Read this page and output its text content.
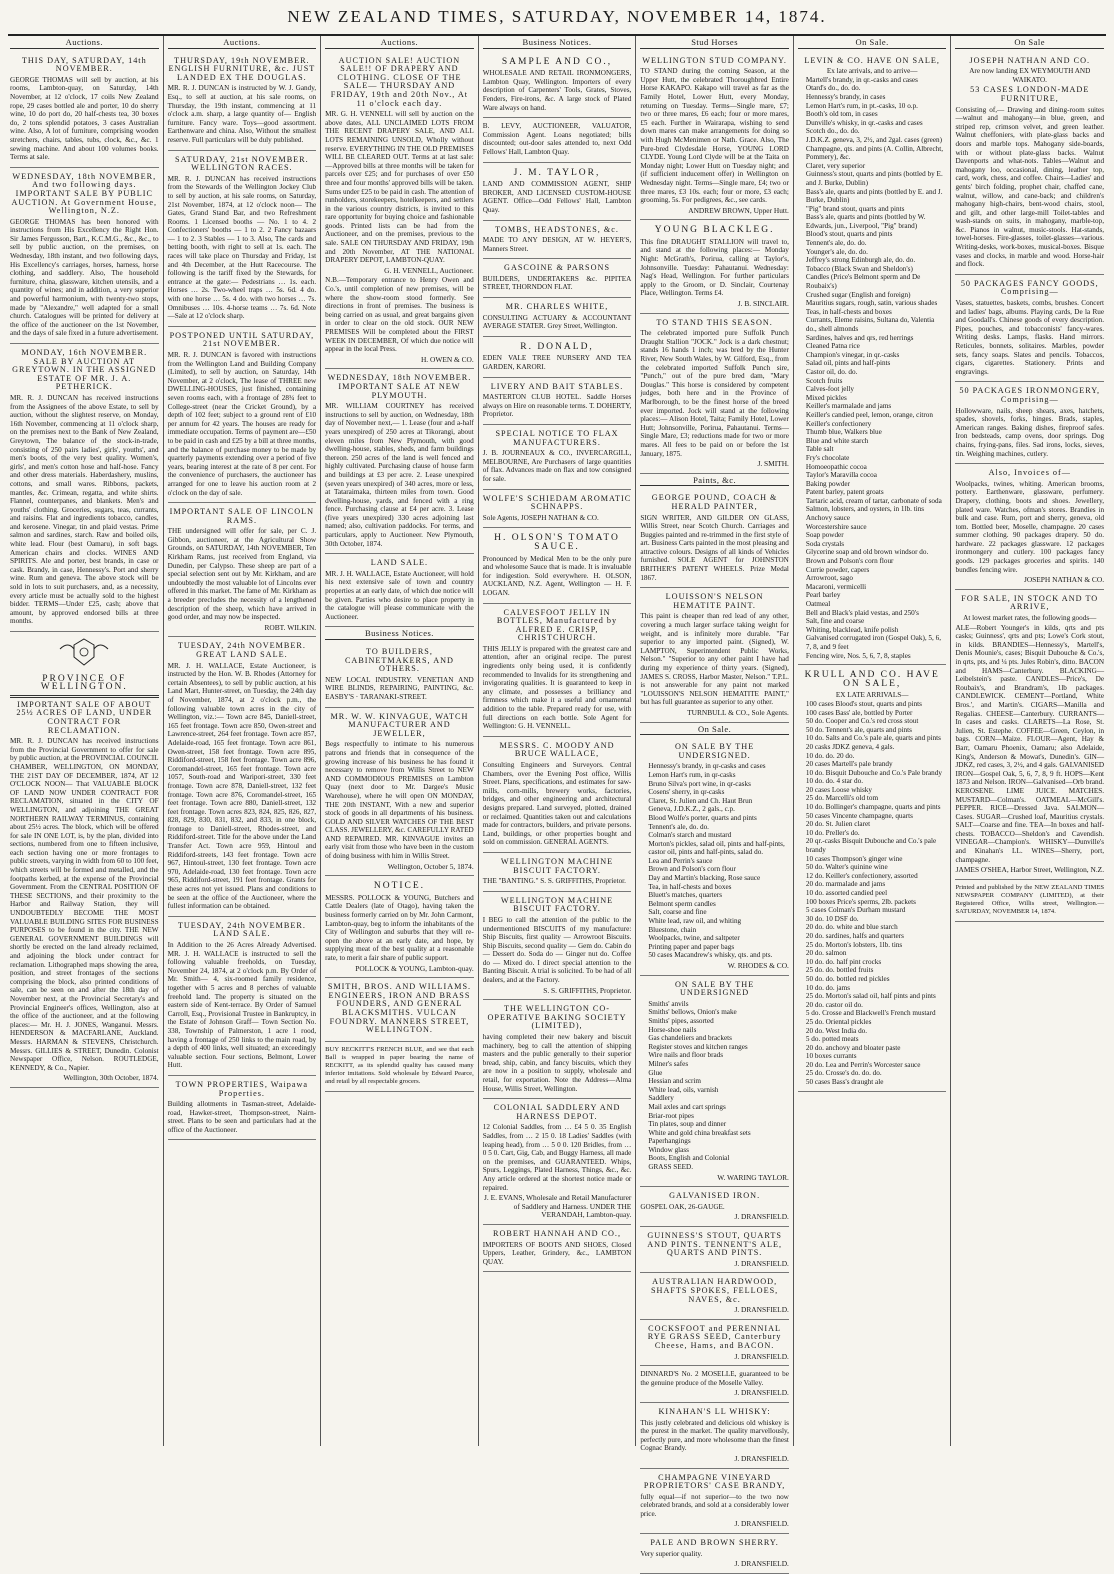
NEW ZEALAND TIMES, SATURDAY, NOVEMBER 14, 1874.
Auctions.
THIS DAY, SATURDAY, 14th NOVEMBER.

GEORGE THOMAS will sell by auction, at his rooms, Lambton-quay, on Saturday, 14th November, at 12 o'clock, 17 coils New Zealand rope, 29 cases bottled ale and porter, 10 do sherry wine, 10 do port do, 20 half-chests tea, 30 boxes do, 2 tons splendid potatoes, 3 cases Australian wine. Also, A lot of furniture, comprising wooden stretchers, chairs, tables, tubs, clock, &c., &c. 1 sewing machine. And about 100 volumes books. Terms at sale.

WEDNESDAY, 18th NOVEMBER, And two following days. IMPORTANT SALE BY PUBLIC AUCTION. At Government House, Wellington, N.Z.

GEORGE THOMAS has been honored with instructions from His Excellency the Right Hon. Sir James Fergusson, Bart., K.C.M.G., &c., &c., to sell by public auction, on the premises, on Wednesday, 18th instant, and two following days, His Excellency's carriages, horses, harness, horse clothing, and saddlery. Also, The household furniture, china, glassware, kitchen utensils, and a quantity of wines; and in addition, a very superior and powerful harmonium, with twenty-two stops, made by "Alexandre," well adapted for a small church. Catalogues will be printed for delivery at the office of the auctioneer on the 1st November, and the days of sale fixed in a future advertisement.

MONDAY, 16th NOVEMBER. SALE BY AUCTION AT GREYTOWN. IN THE ASSIGNED ESTATE OF MR. J. A. PETHERICK.

MR. R. J. DUNCAN has received instructions from the Assignees of the above Estate, to sell by auction, without the slightest reserve, on Monday, 16th November, commencing at 11 o'clock sharp, on the premises next to the Bank of New Zealand, Greytown, The balance of the stock-in-trade, consisting of 250 pairs ladies', girls', youths', and men's boots, of the very best quality. Women's, girls', and men's cotton hose and half-hose. Fancy and other dress materials. Haberdashery, muslins, cottons, and small wares. Ribbons, packets, mantles, &c. Crimean, regatta, and white shirts. Flannel, counterpanes, and blankets. Men's and youths' clothing. Groceries, sugars, teas, currants, and raisins. Flat and ingredients tobacco, candles, and kerosene. Vinegar, tin and plaid vestas. Prime salmon and sardines, starch. Raw and boiled oils, white lead. Flour (best Oamaru), in soft bags. American chairs and clocks. WINES AND SPIRITS. Ale and porter, best brands, in case or cask. Brandy, in case, Hennessy's. Port and sherry wine. Rum and geneva. The above stock will be sold in lots to suit purchasers, and, as a necessity, every article must be actually sold to the highest bidder. TERMS—Under £25, cash; above that amount, by approved endorsed bills at three months.

PROVINCE OF WELLINGTON.
IMPORTANT SALE OF ABOUT 25½ ACRES OF LAND, UNDER CONTRACT FOR RECLAMATION.

MR. R. J. DUNCAN has received instructions from the Provincial Government to offer for sale by public auction, at the PROVINCIAL COUNCIL CHAMBER, WELLINGTON, ON MONDAY, THE 21ST DAY OF DECEMBER, 1874, AT 12 O'CLOCK NOON— That VALUABLE BLOCK OF LAND NOW UNDER CONTRACT FOR RECLAMATION, situated in the CITY OF WELLINGTON, and adjoining THE GREAT NORTHERN RAILWAY TERMINUS, containing about 25½ acres. The block, which will be offered for sale IN ONE LOT, is, by the plan, divided into sections, numbered from one to fifteen inclusive, each section having one or more frontages to public streets, varying in width from 60 to 100 feet, which streets will be formed and metalled, and the footpaths kerbed, at the expense of the Provincial Government. From the CENTRAL POSITION OF THESE SECTIONS, and their proximity to the Harbor and Railway Station, they will UNDOUBTEDLY BECOME THE MOST VALUABLE BUILDING SITES FOR BUSINESS PURPOSES to be found in the city. THE NEW GENERAL GOVERNMENT BUILDINGS will shortly be erected on the land already reclaimed, and adjoining the block under contract for reclamation. Lithographed maps showing the area, position, and street frontages of the sections comprising the block, also printed conditions of sale, can be seen on and after the 18th day of November next, at the Provincial Secretary's and Provincial Engineer's offices, Wellington, also at the office of the auctioneer, and at the following places:— Mr. H. J. JONES, Wanganui. Messrs. HENDERSON & MACFARLANE, Auckland. Messrs. HARMAN & STEVENS, Christchurch. Messrs. GILLIES & STREET, Dunedin. Colonist Newspaper Office, Nelson. ROUTLEDGE, KENNEDY, & Co., Napier.

Wellington, 30th October, 1874.
Auctions.
THURSDAY, 19th NOVEMBER. ENGLISH FURNITURE, &c. JUST LANDED EX THE DOUGLAS.

MR. R. J. DUNCAN is instructed by W. J. Gandy, Esq., to sell at auction, at his sale rooms, on Thursday, the 19th instant, commencing at 11 o'clock a.m. sharp, a large quantity of— English furniture. Fancy ware. Toys—good assortment. Earthenware and china. Also, Without the smallest reserve. Full particulars will be duly published.

SATURDAY, 21st NOVEMBER. WELLINGTON RACES.

MR. R. J. DUNCAN has received instructions from the Stewards of the Wellington Jockey Club to sell by auction, at his sale rooms, on Saturday, 21st November, 1874, at 12 o'clock noon— The Gates, Grand Stand Bar, and two Refreshment Rooms. 1 Licensed booths — No. 1 to 4. 2 Confectioners' booths — 1 to 2. 2 Fancy bazaars — 1 to 2. 3 Stables — 1 to 3. Also, The cards and betting booth, with right to sell at 1s. each. The races will take place on Thursday and Friday, 1st and 4th December, at the Hutt Racecourse. The following is the tariff fixed by the Stewards, for entrance at the gate:— Pedestrians … 1s. each. Horses … 2s. Two-wheel traps … 5s. 6d. 4 do. with one horse … 5s. 4 do. with two horses … 7s. Omnibuses … 10s. 4-horse teams … 7s. 6d. Note—Sale at 12 o'clock sharp.

POSTPONED UNTIL SATURDAY, 21st NOVEMBER.

MR. R. J. DUNCAN is favored with instructions from the Wellington Land and Building Company (Limited), to sell by auction, on Saturday, 14th November, at 2 o'clock, The lease of THREE new DWELLING-HOUSES, just finished, containing seven rooms each, with a frontage of 28¾ feet to College-street (near the Cricket Ground), by a depth of 102 feet; subject to a ground rent of £10 per annum for 42 years. The houses are ready for immediate occupation. Terms of payment are—£50 to be paid in cash and £25 by a bill at three months, and the balance of purchase money to be made by quarterly payments extending over a period of five years, bearing interest at the rate of 8 per cent. For the convenience of purchasers, the auctioneer has arranged for one to leave his auction room at 2 o'clock on the day of sale.

IMPORTANT SALE OF LINCOLN RAMS.

THE undersigned will offer for sale, per C. J. Gibbon, auctioneer, at the Agricultural Show Grounds, on SATURDAY, 14th NOVEMBER, Ten Kirkham Rams, just received from England, via Dunedin, per Calypso. These sheep are part of a special selection sent out by Mr. Kirkham, and are undoubtedly the most valuable lot of Lincolns ever offered in this market. The fame of Mr. Kirkham as a breeder precludes the necessity of a lengthened description of the sheep, which have arrived in good order, and may now be inspected.

ROBT. WILKIN.
TUESDAY, 24th NOVEMBER. GREAT LAND SALE.

MR. J. H. WALLACE, Estate Auctioneer, is instructed by the Hon. W. B. Rhodes (Attorney for certain Absentees), to sell by public auction, at his Land Mart, Hunter-street, on Tuesday, the 24th day of November, 1874, at 2 o'clock p.m., the following valuable town acres in the city of Wellington, viz.:— Town acre 845, Daniell-street, 165 feet frontage. Town acre 850, Owen-street and Lawrence-street, 264 feet frontage. Town acre 857, Adelaide-road, 165 feet frontage. Town acre 861, Owen-street, 158 feet frontage. Town acre 895, Riddiford-street, 158 feet frontage. Town acre 896, Coromandel-street, 165 feet frontage. Town acre 1057, South-road and Waripori-street, 330 feet frontage. Town acre 878, Daniell-street, 132 feet frontage. Town acre 876, Coromandel-street, 165 feet frontage. Town acre 880, Daniell-street, 132 feet frontage. Town acres 823, 824, 825, 826, 827, 828, 829, 830, 831, 832, and 833, in one block, frontage to Daniell-street, Rhodes-street, and Riddiford-street. Title for the above under the Land Transfer Act. Town acre 959, Hintoul and Riddiford-streets, 143 feet frontage. Town acre 967, Hintoul-street, 130 feet frontage. Town acre 970, Adelaide-road, 130 feet frontage. Town acre 965, Riddiford-street, 191 feet frontage. Grants for these acres not yet issued. Plans and conditions to be seen at the office of the Auctioneer, where the fullest information can be obtained.

TUESDAY, 24th NOVEMBER. LAND SALE.

In Addition to the 26 Acres Already Advertised. MR. J. H. WALLACE is instructed to sell the following valuable freeholds, on Tuesday, November 24, 1874, at 2 o'clock p.m. By Order of Mr. Smith— 4, six-roomed family residence, together with 5 acres and 8 perches of valuable freehold land. The property is situated on the eastern side of Kent-terrace. By Order of Samuel Carroll, Esq., Provisional Trustee in Bankruptcy, in the Estate of Johnson Graff— Town Section No. 338, Township of Palmerston, 1 acre 1 rood, having a frontage of 250 links to the main road, by a depth of 400 links, well situated; an exceedingly valuable section. Four sections, Belmont, Lower Hutt.

TOWN PROPERTIES, Waipawa Properties.

Building allotments in Tasman-street, Adelaide-road, Hawker-street, Thompson-street, Nairn-street. Plans to be seen and particulars had at the office of the Auctioneer.

Auctions.
AUCTION SALE! AUCTION SALE!! OF DRAPERY AND CLOTHING. CLOSE OF THE SALE— THURSDAY AND FRIDAY, 19th and 20th Nov., At 11 o'clock each day.

MR. G. H. VENNELL will sell by auction on the above dates, ALL UNCLAIMED LOTS FROM THE RECENT DRAPERY SALE, AND ALL LOTS REMAINING UNSOLD, Wholly without reserve. EVERYTHING IN THE OLD PREMISES WILL BE CLEARED OUT. Terms at at last sale:—Approved bills at three months will be taken for parcels over £25; and for purchases of over £50 three and four months' approved bills will be taken. Sums under £25 to be paid in cash. The attention of runholders, storekeepers, hotelkeepers, and settlers in the various country districts, is invited to this rare opportunity for buying choice and fashionable goods. Printed lists can be had from the Auctioneer, and on the premises, previous to the sale. SALE ON THURSDAY AND FRIDAY, 19th and 20th November, AT THE NATIONAL DRAPERY DEPOT, LAMBTON-QUAY.

G. H. VENNELL, Auctioneer.

N.B.—Temporary entrance to Henry Owen and Co.'s, until completion of new premises, will be where the show-room stood formerly. See directions in front of premises. The business is being carried on as usual, and great bargains given in order to clear on the old stock. OUR NEW PREMISES Will be completed about the FIRST WEEK IN DECEMBER, Of which due notice will appear in the local Press.

H. OWEN & CO.
WEDNESDAY, 18th NOVEMBER. IMPORTANT SALE AT NEW PLYMOUTH.

MR. WILLIAM COURTNEY has received instructions to sell by auction, on Wednesday, 18th day of November next,— 1. Lease (four and a-half years unexpired) of 250 acres at Tikorangi, about eleven miles from New Plymouth, with good dwelling-house, stables, sheds, and farm buildings thereon. 250 acres of the land is well fenced and highly cultivated. Purchasing clause of house farm and buildings at £3 per acre. 2. Lease unexpired (seven years unexpired) of 340 acres, more or less, at Tataraimaka, thirteen miles from town. Good dwelling-house, yards, and fenced with a ring fence. Purchasing clause at £4 per acre. 3. Lease (five years unexpired) 330 acres adjoining last named; also, cultivation paddocks. For terms, and particulars, apply to Auctioneer. New Plymouth, 30th October, 1874.

LAND SALE.

MR. J. H. WALLACE, Estate Auctioneer, will hold his next extensive sale of town and country properties at an early date, of which due notice will be given. Parties who desire to place property in the catalogue will please communicate with the Auctioneer.

Business Notices.
TO BUILDERS, CABINETMAKERS, AND OTHERS.

NEW LOCAL INDUSTRY. VENETIAN AND WIRE BLINDS, REPAIRING, PAINTING, &c. EASBY'S · TARANAKI-STREET.

MR. W. W. KINVAGUE, WATCH MANUFACTURER AND JEWELLER,

Begs respectfully to intimate to his numerous patrons and friends that in consequence of the growing increase of his business he has found it necessary to remove from Willis Street to NEW AND COMMODIOUS PREMISES on Lambton Quay (next door to Mr. Dargee's Music Warehouse), where he will open ON MONDAY, THE 20th INSTANT, With a new and superior stock of goods in all departments of his business. GOLD AND SILVER WATCHES OF THE BEST CLASS. JEWELLERY, &c. CAREFULLY RATED AND REPAIRED. MR. KINVAGUE invites an early visit from those who have been in the custom of doing business with him in Willis Street.

Wellington, October 5, 1874.
NOTICE.

MESSRS. POLLOCK & YOUNG, Butchers and Cattle Dealers (late of Otago), having taken the business formerly carried on by Mr. John Carmont, Lambton-quay, beg to inform the inhabitants of the City of Wellington and suburbs that they will re-open the above at an early date, and hope, by supplying meat of the best quality at a reasonable rate, to merit a fair share of public support.

POLLOCK & YOUNG, Lambton-quay.
SMITH, BROS. AND WILLIAMS. ENGINEERS, IRON AND BRASS FOUNDERS, AND GENERAL BLACKSMITHS. VULCAN FOUNDRY. MANNERS STREET, WELLINGTON.

BUY RECKITT'S FRENCH BLUE, and see that each Ball is wrapped in paper bearing the name of RECKITT, as its splendid quality has caused many inferior imitations. Sold wholesale by Edward Pearce, and retail by all respectable grocers.

Business Notices.
SAMPLE AND CO.,

WHOLESALE AND RETAIL IRONMONGERS, Lambton Quay, Wellington. Importers of every description of Carpenters' Tools, Grates, Stoves, Fenders, Fire-irons, &c. A large stock of Plated Ware always on hand.

B. LEVY, AUCTIONEER, VALUATOR, Commission Agent. Loans negotiated; bills discounted; out-door sales attended to, next Odd Fellows' Hall, Lambton Quay.

J. M. TAYLOR,

LAND AND COMMISSION AGENT, SHIP BROKER, AND LICENSED CUSTOM-HOUSE AGENT. Office—Odd Fellows' Hall, Lambton Quay.

TOMBS, HEADSTONES, &c.

MADE TO ANY DESIGN, AT W. HEYER'S, Manners Street.

GASCOINE & PARSONS

BUILDERS, UNDERTAKERS &c. PIPITEA STREET, THORNDON FLAT.

MR. CHARLES WHITE,

CONSULTING ACTUARY & ACCOUNTANT AVERAGE STATER. Grey Street, Wellington.

R. DONALD,

EDEN VALE TREE NURSERY AND TEA GARDEN, KARORI.

LIVERY AND BAIT STABLES.

MASTERTON CLUB HOTEL. Saddle Horses always on Hire on reasonable terms. T. DOHERTY, Proprietor.

SPECIAL NOTICE TO FLAX MANUFACTURERS.

J. B. JOURNEAUX & CO., INVERCARGILL, MELBOURNE, Are Purchasers of large quantities of flax. Advances made on flax and tow consigned for sale.

WOLFE'S SCHIEDAM AROMATIC SCHNAPPS.

Sole Agents, JOSEPH NATHAN & CO.

H. OLSON'S TOMATO SAUCE.

Pronounced by Medical Men to be the only pure and wholesome Sauce that is made. It is invaluable for indigestion. Sold everywhere. H. OLSON, AUCKLAND, N.Z. Agent, Wellington — H. F. LOGAN.

CALVESFOOT JELLY IN BOTTLES, Manufactured by ALFRED E. CRISP, CHRISTCHURCH.

THIS JELLY is prepared with the greatest care and attention, after an original recipe. The purest ingredients only being used, it is confidently recommended to Invalids for its strengthening and invigorating qualities. It is guaranteed to keep in any climate, and possesses a brilliancy and firmness which make it a useful and ornamental addition to the table. Prepared ready for use, with full directions on each bottle. Sole Agent for Wellington: G. H. VENNELL.

MESSRS. C. MOODY AND BRUCE WALLACE,

Consulting Engineers and Surveyors. Central Chambers, over the Evening Post office, Willis Street. Plans, specifications, and estimates for saw-mills, corn-mills, brewery works, factories, bridges, and other engineering and architectural designs prepared. Land surveyed, plotted, drained or reclaimed. Quantities taken out and calculations made for contractors, builders, and private persons. Land, buildings, or other properties bought and sold on commission. GENERAL AGENTS.

WELLINGTON MACHINE BISCUIT FACTORY.

THE "BANTING." S. S. GRIFFITHS, Proprietor.

WELLINGTON MACHINE BISCUIT FACTORY.

I BEG to call the attention of the public to the undermentioned BISCUITS of my manufacture: Ship Biscuits, first quality — Arrowroot Biscuits. Ship Biscuits, second quality — Gem do. Cabin do — Dessert do. Soda do — Ginger nut do. Coffee do — Mixed do. I direct special attention to the Banting Biscuit. A trial is solicited. To be had of all dealers, and at the Factory.

S. S. GRIFFITHS, Proprietor.
THE WELLINGTON CO-OPERATIVE BAKING SOCIETY (LIMITED),

having completed their new bakery and biscuit machinery, beg to call the attention of shipping masters and the public generally to their superior bread, ship, cabin, and fancy biscuits, which they are now in a position to supply, wholesale and retail, for exportation. Note the Address—Alma House, Willis Street, Wellington.

COLONIAL SADDLERY AND HARNESS DEPOT.

12 Colonial Saddles, from … £4 5 0. 35 English Saddles, from … 2 15 0. 18 Ladies' Saddles (with leaping head), from … 5 0 0. 120 Bridles, from … 0 5 0. Cart, Gig, Cab, and Buggy Harness, all made on the premises, and GUARANTEED. Whips, Spurs, Leggings, Plated Harness, Things, &c., &c. Any article ordered at the shortest notice made or repaired.

J. E. EVANS, Wholesale and Retail Manufacturer of Saddlery and Harness. UNDER THE VERANDAH, Lambton-quay.
ROBERT HANNAH AND CO.,

IMPORTERS OF BOOTS AND SHOES, Closed Uppers, Leather, Grindery, &c., LAMBTON QUAY.

Stud Horses
WELLINGTON STUD COMPANY.

TO STAND during the coming Season, at the Upper Hutt, the celebrated Thoroughbred Entire Horse KAKAPO. Kakapo will travel as far as the Family Hotel, Lower Hutt, every Monday, returning on Tuesday. Terms—Single mare, £7; two or three mares, £6 each; four or more mares, £5 each. Further in Wairarapa, wishing to send down mares can make arrangements for doing so with Hugh McMenimen or Nath. Grace. Also, The Pure-bred Clydesdale Horse, YOUNG LORD CLYDE. Young Lord Clyde will be at the Taita on Monday night; Lower Hutt on Tuesday night; and (if sufficient inducement offer) in Wellington on Wednesday night. Terms—Single mare, £4; two or three mares, £3 10s. each; four or more, £3 each; grooming, 5s. For pedigrees, &c., see cards.

ANDREW BROWN, Upper Hutt.
YOUNG BLACKLEG.

This fine DRAUGHT STALLION will travel to, and stand at the following places:— Monday Night: McGrath's, Porirua, calling at Taylor's, Johnsonville. Tuesday: Pahautanui. Wednesday: Nag's Head, Wellington. For further particulars apply to the Groom, or D. Sinclair, Courtenay Place, Wellington. Terms £4.

J. B. SINCLAIR.
TO STAND THIS SEASON.

The celebrated imported pure Suffolk Punch Draught Stallion "JOCK." Jock is a dark chestnut; stands 16 hands 1 inch; was bred by the Hunter River, New South Wales, by W. Gilford, Esq., from the celebrated imported Suffolk Punch sire, "Punch," out of the pure bred dam, "Mary Douglas." This horse is considered by competent judges, both here and in the Province of Marlborough, to be the finest horse of the breed ever imported. Jock will stand at the following places:— Alison Hotel, Taita; Family Hotel, Lower Hutt; Johnsonville, Porirua, Pahautanui. Terms—Single Mare, £3; reductions made for two or more mares. All fees to be paid on or before the 1st January, 1875.

J. SMITH.
Paints, &c.
GEORGE POUND, COACH & HERALD PAINTER,

SIGN WRITER, AND GILDER ON GLASS, Willis Street, near Scotch Church. Carriages and Buggies painted and re-trimmed in the first style of art. Business Carts painted in the most pleasing and attractive colours. Designs of all kinds of Vehicles furnished. SOLE AGENT for JOHNSTON BRITHER'S PATENT WHEELS. Prize Medal 1867.

LOUISSON'S NELSON HEMATITE PAINT.

This paint is cheaper than red lead of any other, covering a much larger surface taking weight for weight, and is infinitely more durable. "Far superior to any imported paint. (Signed), W. LAMPTON, Superintendent Public Works, Nelson." "Superior to any other paint I have had during my experience of thirty years. (Signed), JAMES S. CROSS, Harbor Master, Nelson." T.P.L. is not answerable for any paint not marked "LOUISSON'S NELSON HEMATITE PAINT," but has full guarantee as superior to any other.

TURNBULL & CO., Sole Agents.
On Sale.
ON SALE BY THE UNDERSIGNED.
Hennessy's brandy, in qr-casks and cases
Lemon Hart's rum, in qr-casks
Bruno Silva's port wine, in qr-casks
Cosens' sherry, in qr-casks
Claret, St. Julien and Ch. Haut Brun
Geneva, J.D.K.Z., 2 gals., c.p.
Blood Wolfe's porter, quarts and pints
Tennent's ale, do. do.
Colman's starch and mustard
Morton's pickles, salad oil, pints and half-pints, castor oil, pints and half-pints, salad do.
Lea and Perrin's sauce
Brown and Polson's corn flour
Day and Martin's blacking, Rose sauce
Tea, in half-chests and boxes
Bluett's matches, quarters
Belmont sperm candles
Salt, coarse and fine
White lead, raw oil, and whiting
Bluestone, chain
Woolpacks, twine, and saltpeter
Printing paper and paper bags
50 cases Macandrew's whisky, qts. and pts.
W. RHODES & CO.
ON SALE BY THE UNDERSIGNED
Smiths' anvils
Smiths' bellows, Onion's make
Smiths' pipes, assorted
Horse-shoe nails
Gas chandeliers and brackets
Register stoves and kitchen ranges
Wire nails and floor brads
Milner's safes
Glue
Hessian and scrim
White lead, oils, varnish
Saddlery
Mail axles and cart springs
Briar-root pipes
Tin plates, soup and dinner
White and gold china breakfast sets
Paperhangings
Window glass
Boots, English and Colonial
GRASS SEED.
W. WARING TAYLOR.
GALVANISED IRON.

GOSPEL OAK, 26-GAUGE.

J. DRANSFIELD.
GUINNESS'S STOUT, QUARTS AND PINTS. TENNENT'S ALE, QUARTS AND PINTS.
J. DRANSFIELD.
AUSTRALIAN HARDWOOD, SHAFTS SPOKES, FELLOES, NAVES, &c.
J. DRANSFIELD.
COCKSFOOT and PERENNIAL RYE GRASS SEED, Canterbury Cheese, Hams, and BACON.
J. DRANSFIELD.

DINNARD'S No. 2 MOSELLE, guaranteed to be the genuine produce of the Moselle Valley.

J. DRANSFIELD.
KINAHAN'S LL WHISKY:

This justly celebrated and delicious old whiskey is the purest in the market. The quality marvellously, perfectly pure, and more wholesome than the finest Cognac Brandy.

J. DRANSFIELD.
CHAMPAGNE VINEYARD PROPRIETORS' CASE BRANDY,

fully equal—if not superior—to the two now celebrated brands, and sold at a considerably lower price.

J. DRANSFIELD.
PALE AND BROWN SHERRY.

Very superior quality.

J. DRANSFIELD.
On Sale.
LEVIN & CO. HAVE ON SALE,
Ex late arrivals, and to arrive—
Martell's brandy, in qr.-casks and cases
Otard's do., do. do.
Hennessy's brandy, in cases
Lemon Hart's rum, in pt.-casks, 10 o.p.
Booth's old tom, in cases
Dunville's whisky, in qr.-casks and cases
Scotch do., do. do.
J.D.K.Z. geneva, 3, 2½, and 2gal. cases (green)
Champagne, qts. and pints (A. Collin, Albrecht, Pommery), &c.
Claret, very superior
Guinness's stout, quarts and pints (bottled by E. and J. Burke, Dublin)
Bass's ale, quarts and pints (bottled by E. and J. Burke, Dublin)
"Pig" brand stout, quarts and pints
Bass's ale, quarts and pints (bottled by W. Edwards, jun., Liverpool, "Pig" brand)
Blood's stout, quarts and pints
Tennent's ale, do. do.
Younger's ale, do. do.
Jeffrey's strong Edinburgh ale, do. do.
Tobacco (Black Swan and Sheldon's)
Candles (Price's Belmont sperm and De Roubaix's)
Crushed sugar (English and foreign)
Mauritius sugars, rough, satin, various shades
Teas, in half-chests and boxes
Currants, Eleme raisins, Sultana do, Valentia do., shell almonds
Sardines, halves and qrs, red herrings
Cleaned Patna rice
Champion's vinegar, in qr.-casks
Salad oil, pints and half-pints
Castor oil, do. do.
Scotch fruits
Calves-foot jelly
Mixed pickles
Keiller's marmalade and jams
Keiller's candied peel, lemon, orange, citron
Keiller's confectionery
Thumb blue, Walkers blue
Blue and white starch
Table salt
Fry's chocolate
Homoeopathic cocoa
Taylor's Maravilla cocoa
Baking powder
Patent barley, patent groats
Tartaric acid, cream of tartar, carbonate of soda
Salmon, lobsters, and oysters, in 1lb. tins
Anchovy sauce
Worcestershire sauce
Soap powder
Soda crystals
Glycerine soap and old brown windsor do.
Brown and Polson's corn flour
Currie powder, capers
Arrowroot, sago
Macaroni, vermicelli
Pearl barley
Oatmeal
Bell and Black's plaid vestas, and 250's
Salt, fine and coarse
Whiting, blacklead, knife polish
Galvanised corrugated iron (Gospel Oak), 5, 6, 7, 8, and 9 feet
Fencing wire, Nos. 5, 6, 7, 8, staples
KRULL AND CO. HAVE ON SALE,
EX LATE ARRIVALS—
100 cases Blood's stout, quarts and pints
100 cases Bass' ale, bottled by Porter
50 do. Cooper and Co.'s red cross stout
50 do. Tennent's ale, quarts and pints
10 do. Salts and Co.'s pale ale, quarts and pints
20 casks JDKZ geneva, 4 gals.
10 do. do. 20 do.
20 cases Martell's pale brandy
10 do. Bisquit Dubouche and Co.'s Pale brandy
10 do. do. 4 star do.
20 cases Loose whisky
25 do. Marcelli's old tom
10 do. Bollinger's champagne, quarts and pints
50 cases Vincente champagne, quarts
20 do. St. Julien claret
10 do. Preller's do.
20 qr.-casks Bisquit Dubouche and Co.'s pale brandy
10 cases Thompson's ginger wine
50 do. Walter's quinine wine
12 do. Keiller's confectionery, assorted
20 do. marmalade and jams
10 do. assorted candied peel
100 boxes Price's sperms, 2lb. packets
5 cases Colman's Durham mustard
30 do. 10 DSF do.
20 do. do. white and blue starch
20 do. sardines, halfs and quarters
25 do. Morton's lobsters, 1lb. tins
20 do. salmon
10 do. do. half pint crocks
25 do. do. bottled fruits
50 do. do. bottled red pickles
10 do. do. jams
25 do. Morton's salad oil, half pints and pints
20 do. castor oil do.
5 do. Crosse and Blackwell's French mustard
25 do. Oriental pickles
20 do. West India do.
5 do. potted meats
20 do. anchovy and bloater paste
10 boxes currants
20 do. Lea and Perrin's Worcester sauce
25 do. Crosse's do. do. do.
50 cases Bass's draught ale
On Sale
JOSEPH NATHAN AND CO.
Are now landing EX WEYMOUTH AND WAIKATO.
53 CASES LONDON-MADE FURNITURE,

Consisting of,— Drawing and dining-room suites—walnut and mahogany—in blue, green, and striped rep, crimson velvet, and green leather. Walnut cheffoniers, with plate-glass backs and doors and marble tops. Mahogany side-boards, with or without plate-glass backs. Walnut Davenports and what-nots. Tables—Walnut and mahogany loo, occasional, dining, leather top, card, work, chess, and coffee. Chairs—Ladies' and gents' birch folding, prophet chair, chaffed cane, walnut, willow, and cane-back; and children's mahogany high-chairs, bent-wood chairs, stool, and gilt, and other large-mill Toilet-tables and wash-stands on suits, in mahogany, marble-top, &c. Pianos in walnut, music-stools. Hat-stands, towel-horses. Fire-glasses, toilet-glasses—various. Writing-desks, work-boxes, musical-boxes. Bisque vases and clocks, in marble and wood. Horse-hair and flock.

50 PACKAGES FANCY GOODS, Comprising—

Vases, statuettes, baskets, combs, brushes. Concert and ladies' bags, albums. Playing cards, De la Rue and Goodall's. Chinese goods of every description. Pipes, pouches, and tobacconists' fancy-wares. Writing desks. Lamps, flasks. Hand mirrors. Reticules, bonnets, solitaires. Marbles, powder sets, fancy soaps. Slates and pencils. Tobaccos, cigars, cigarettes. Stationery. Prints and engravings.

50 PACKAGES IRONMONGERY, Comprising—

Hollowware, nails, sheep shears, axes, hatchets, spades, shovels, forks, hinges. Brads, staples, American ranges. Baking dishes, fireproof safes. Iron bedsteads, camp ovens, door springs. Dog chains, frying-pans, files. Sad irons, locks, sieves, tin. Weighing machines, cutlery.

Also, Invoices of—

Woolpacks, twines, whiting. American brooms, pottery. Earthenware, glassware, perfumery. Drapery, clothing, boots and shoes. Jewellery, plated ware. Watches, ofman's stores. Brandies in bulk and case. Rum, port and sherry, geneva, old tom. Bottled beer, Moselle, champagne. 20 cases summer clothing. 90 packages drapery. 50 do. hardware. 22 packages glassware. 12 packages ironmongery and cutlery. 100 packages fancy goods. 129 packages groceries and spirits. 140 bundles fencing wire.

JOSEPH NATHAN & CO.
FOR SALE, IN STOCK AND TO ARRIVE,
At lowest market rates, the following goods—

ALE—Robert Younger's in kilds, qrts and pts casks; Guinness', qrts and pts; Lowe's Cork stout, in kilds. BRANDIES—Hennessy's, Martell's, Denis Mounie's, cases; Bisquit Dubouche & Co.'s, in qrts, pts, and ¼ pts. Jules Robin's, ditto. BACON and HAMS—Canterbury. BLACKING—Leibelstein's paste. CANDLES—Price's, De Roubaix's, and Brandram's, 1lb packages. CANDLEWICK. CEMENT—Portland, White Bros.', and Martin's. CIGARS—Manilla and Regalias. CHEESE—Canterbury. CURRANTS—In cases and casks. CLARETS—La Rose, St. Julien, St. Estephe. COFFEE—Green, Ceylon, in bags. CORN—Maize. FLOUR—Agent, Hay & Barr, Oamaru Phoenix, Oamaru; also Adelaide, King's, Anderson & Mowat's, Dunedin's. GIN—JDKZ, red cases, 3, 2½, and 4 gals. GALVANISED IRON—Gospel Oak, 5, 6, 7, 8, 9 ft. HOPS—Kent 1873 and Nelson. IRON—Galvanised—Orb brand. KEROSENE. LIME JUICE. MATCHES. MUSTARD—Colman's. OATMEAL—McGill's. PEPPER. RICE—Dressed Java. SALMON—Cases. SUGAR—Crushed loaf, Mauritius crystals. SALT—Coarse and fine. TEA—In boxes and half-chests. TOBACCO—Sheldon's and Cavendish. VINEGAR—Champion's. WHISKY—Dunville's and Kinahan's LL. WINES—Sherry, port, champagne.

JAMES O'SHEA, Harbor Street, Wellington, N.Z.

Printed and published by the NEW ZEALAND TIMES NEWSPAPER COMPANY (LIMITED), at their Registered Office, Willis street, Wellington.—SATURDAY, NOVEMBER 14, 1874.
